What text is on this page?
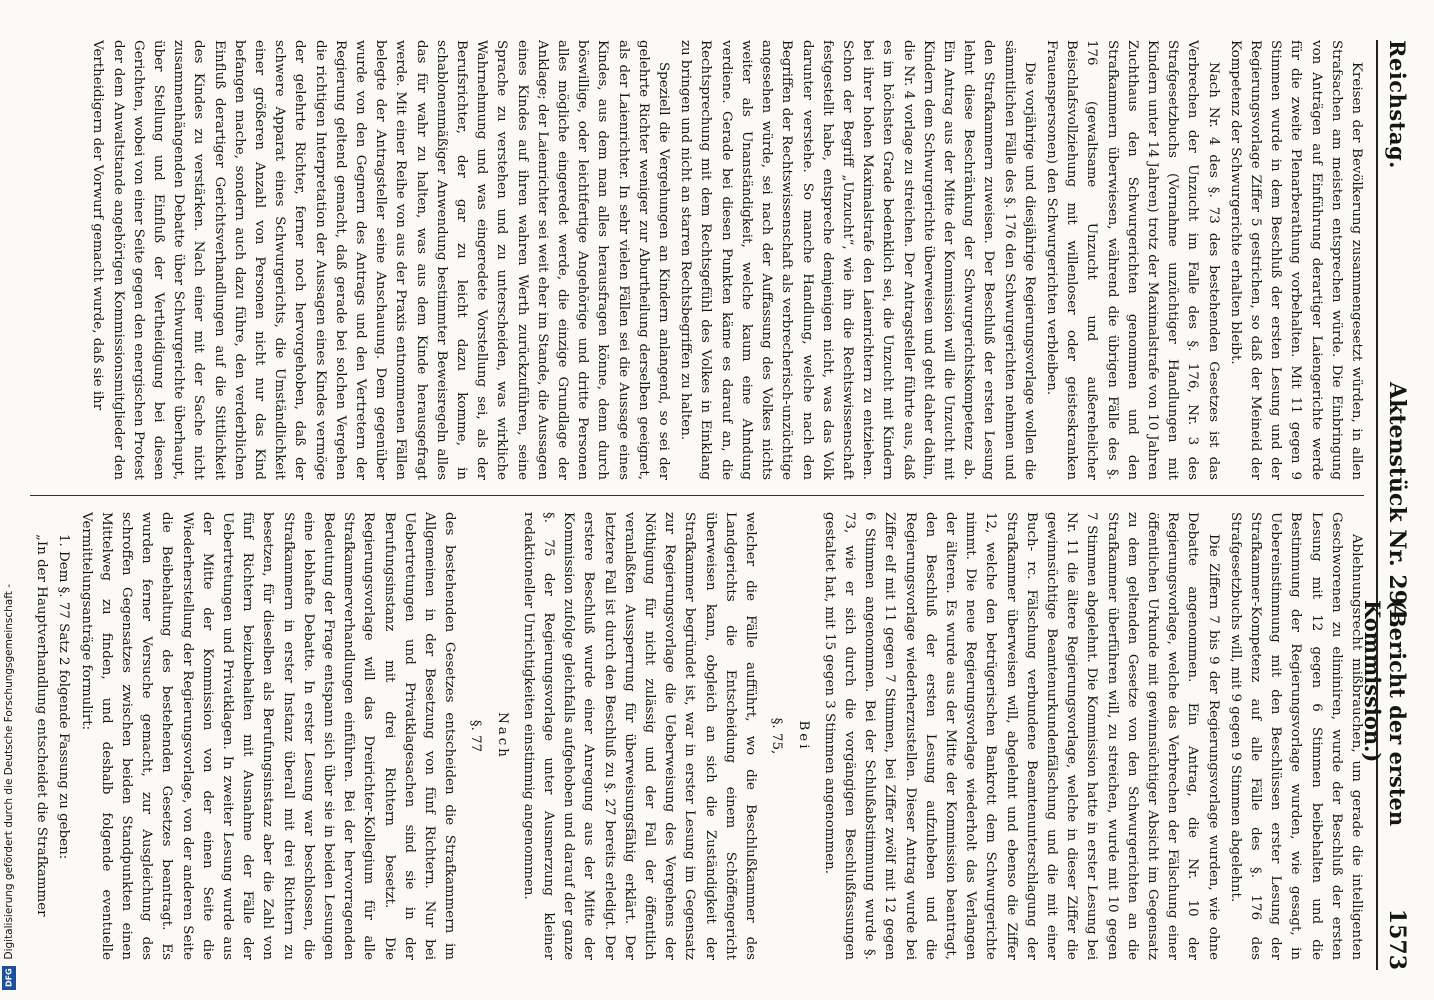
Reichstag.
Aktenstück Nr. 294.
(Bericht der ersten Kommission.)
1573

Kreisen der Bevölkerung zusammengesetzt würden, in allen Strafsachen am meisten entsprechen würde. Die Einbringung von Anträgen auf Einführung derartiger Laiengerichte werde für die zweite Plenarberathung vorbehalten. Mit 11 gegen 9 Stimmen wurde in dem Beschluß der ersten Lesung und der Regierungsvorlage Ziffer 5 gestrichen, so daß der Meineid der Kompetenz der Schwurgerichte erhalten bleibt.

Nach Nr. 4 des §. 73 des bestehenden Gesetzes ist das Verbrechen der Unzucht im Falle des §. 176, Nr. 3 des Strafgesetzbuchs (Vornahme unzüchtiger Handlungen mit Kindern unter 14 Jahren) trotz der Maximalstrafe von 10 Jahren Zuchthaus den Schwurgerichten genommen und den Strafkammern überwiesen, während die übrigen Fälle des §. 176 (gewaltsame Unzucht und außerehelicher Beischlafsvollziehung mit willenloser oder geisteskranken Frauenspersonen) den Schwurgerichten verbleiben.

Die vorjährige und diesjährige Regierungsvorlage wollen die sämmtlichen Fälle des §. 176 den Schwurgerichten nehmen und den Strafkammern zuweisen. Der Beschluß der ersten Lesung lehnt diese Beschränkung der Schwurgerichtskompetenz ab. Ein Antrag aus der Mitte der Kommission will die Unzucht mit Kindern dem Schwurgerichte überweisen und geht daher dahin, die Nr. 4 vorlage zu streichen. Der Antragsteller führte aus, daß es im höchsten Grade bedenklich sei, die Unzucht mit Kindern bei ihrer hohen Maximalstrafe den Laienrichtern zu entziehen. Schon der Begriff „Unzucht“, wie ihn die Rechtswissenschaft festgestellt habe, entspreche demjenigen nicht, was das Volk darunter verstehe. So manche Handlung, welche nach den Begriffen der Rechtswissenschaft als verbrecherisch-unzüchtige angesehen würde, sei nach der Auffassung des Volkes nichts weiter als Unanständigkeit, welche kaum eine Ahndung verdiene. Gerade bei diesen Punkten käme es darauf an, die Rechtsprechung mit dem Rechtsgefühl des Volkes in Einklang zu bringen und nicht an starren Rechtsbegriffen zu halten.

Speziell die Vergehungen an Kindern anlangend, so sei der gelehrte Richter weniger zur Aburtheilung derselben geeignet, als der Laienrichter. In sehr vielen Fällen sei die Aussage eines Kindes, aus dem man alles herausfragen könne, denn durch böswillige, oder leichtfertige Angehörige und dritte Personen alles mögliche eingeredet werde, die einzige Grundlage der Anklage; der Laienrichter sei weit eher im Stande, die Aussagen eines Kindes auf ihren wahren Werth zurückzuführen, seine Sprache zu verstehen und zu unterscheiden, was wirkliche Wahrnehmung und was eingeredete Vorstellung sei, als der Berufsrichter, der gar zu leicht dazu komme, in schablonenmäßiger Anwendung bestimmter Beweisregeln alles das für wahr zu halten, was aus dem Kinde herausgefragt werde. Mit einer Reihe von aus der Praxis entnommenen Fällen belegte der Antragsteller seine Anschauung. Dem gegenüber wurde von den Gegnern des Antrags und den Vertretern der Regierung geltend gemacht, daß gerade bei solchen Vergehen die richtigen Interpretation der Aussagen eines Kindes vermöge der gelehrte Richter, ferner noch hervorgehoben, daß der schwere Apparat eines Schwurgerichts, die Umständlichkeit einer größeren Anzahl von Personen nicht nur das Kind befangen mache, sondern auch dazu führe, den verderblichen Einfluß derartiger Gerichtsverhandlungen auf die Sittlichkeit des Kindes zu verstärken. Nach einer mit der Sache nicht zusammenhängenden Debatte über Schwurgerichte überhaupt, über Stellung und Einfluß der Vertheidigung bei diesen Gerichten, wobei von einer Seite gegen den energischen Protest der dem Anwaltstande angehörigen Kommissionsmitglieder den Vertheidigern der Vorwurf gemacht wurde, daß sie ihr

Ablehnungsrecht mißbrauchen, um gerade die intelligenten Geschworenen zu eliminiren, wurde der Beschluß der ersten Lesung mit 12 gegen 6 Stimmen beibehalten und die Bestimmung der Regierungsvorlage wurden, wie gesagt, in Uebereinstimmung mit den Beschlüssen erster Lesung der Strafkammer-Kompetenz auf alle Fälle des §. 176 des Strafgesetzbuchs will, mit 9 gegen 9 Stimmen abgelehnt.

Die Ziffern 7 bis 9 der Regierungsvorlage wurden, wie ohne Debatte angenommen. Ein Antrag, die Nr. 10 der Regierungsvorlage, welche das Verbrechen der Fälschung einer öffentlichen Urkunde mit gewinnsüchtiger Absicht im Gegensatz zu dem geltenden Gesetze von den Schwurgerichten an die Strafkammer überführen will, zu streichen, wurde mit 10 gegen 7 Stimmen abgelehnt. Die Kommission hatte in erster Lesung bei Nr. 11 die ältere Regierungsvorlage, welche in dieser Ziffer die gewinnsüchtige Beamtenurkundenfälschung und die mit einer Buch- rc. Fälschung verbundene Beamtenunterschlagung der Strafkammer überweisen will, abgelehnt und ebenso die Ziffer 12, welche den betrügerischen Bankrott dem Schwurgerichte nimmt. Die neue Regierungsvorlage wiederholt das Verlangen der älteren. Es wurde aus der Mitte der Kommission beantragt, den Beschluß der ersten Lesung aufzuheben und die Regierungsvorlage wiederherzustellen. Dieser Antrag wurde bei Ziffer elf mit 11 gegen 7 Stimmen, bei Ziffer zwölf mit 12 gegen 6 Stimmen angenommen. Bei der Schlußabstimmung wurde §. 73, wie er sich durch die vorgängigen Beschlußfassungen gestaltet hat, mit 15 gegen 3 Stimmen angenommen.

Bei
§. 75,

welcher die Fälle aufführt, wo die Beschlußkammer des Landgerichts die Entscheidung einem Schöffengericht überweisen kann, obgleich an sich die Zuständigkeit der Strafkammer begründet ist, war in erster Lesung im Gegensatz zur Regierungsvorlage die Ueberweisung des Vergehens der Nöthigung für nicht zulässig und der Fall der öffentlich veranlaßten Aussperrung für überweisungsfähig erklärt. Der letztere Fall ist durch den Beschluß zu §. 27 bereits erledigt. Der erstere Beschluß wurde einer Anregung aus der Mitte der Kommission zufolge gleichfalls aufgehoben und darauf der ganze §. 75 der Regierungsvorlage unter Ausmerzung kleiner redaktioneller Unrichtigkeiten einstimmig angenommen.

Nach
§. 77

des bestehenden Gesetzes entscheiden die Strafkammern im Allgemeinen in der Besetzung von fünf Richtern. Nur bei Uebertretungen und Privatklagesachen sind sie in der Berufungsinstanz mit drei Richtern besetzt. Die Regierungsvorlage will das Dreirichter-Kollegium für alle Strafkammerverhandlungen einführen. Bei der hervorragenden Bedeutung der Frage entspann sich über sie in beiden Lesungen eine lebhafte Debatte. In erster Lesung war beschlossen, die Strafkammern in erster Instanz überall mit drei Richtern zu besetzen, für dieselben als Berufungsinstanz aber die Zahl von fünf Richtern beizubehalten mit Ausnahme der Fälle der Uebertretungen und Privatklagen. In zweiter Lesung wurde aus der Mitte der Kommission von der einen Seite die Wiederherstellung der Regierungsvorlage, von der anderen Seite die Beibehaltung des bestehenden Gesetzes beantragt. Es wurden ferner Versuche gemacht, zur Ausgleichung des schroffen Gegensatzes zwischen beiden Standpunkten einen Mittelweg zu finden, und deshalb folgende eventuelle Vermittelungsanträge formulirt:

1. Dem §. 77 Satz 2 folgende Fassung zu geben:

„In der Hauptverhandlung entscheidet die Strafkammer

Digitalisierung gefördert durch die Deutsche Forschungsgemeinschaft -
DFG
